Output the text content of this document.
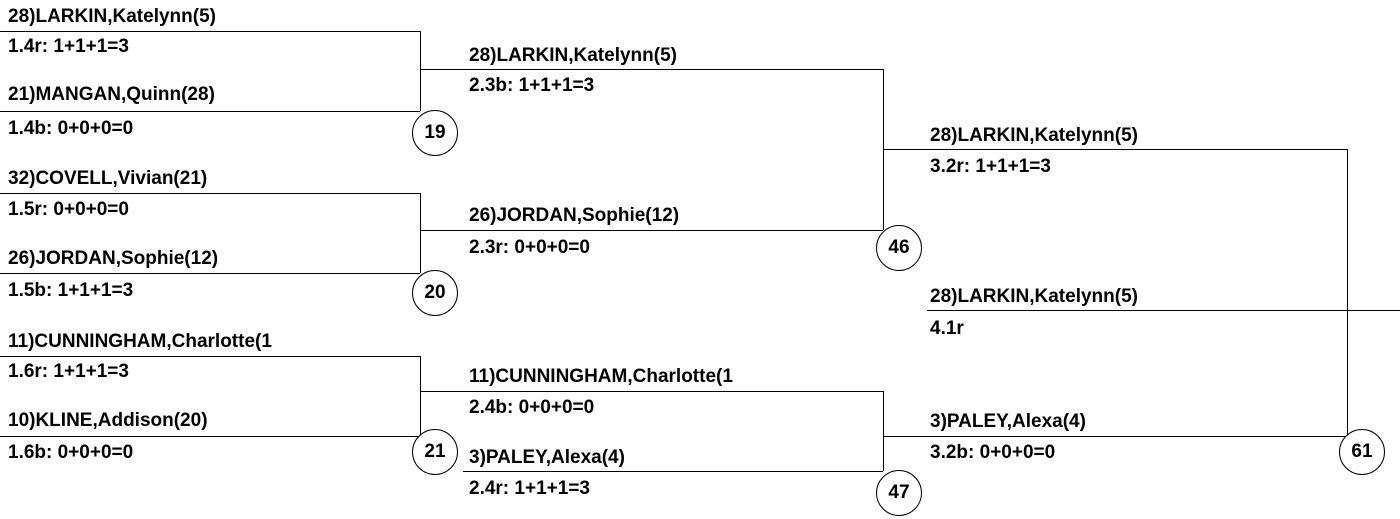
28)LARKIN,Katelynn(5)
1.4r: 1+1+1=3
21)MANGAN,Quinn(28)
1.4b: 0+0+0=0
32)COVELL,Vivian(21)
1.5r: 0+0+0=0
26)JORDAN,Sophie(12)
1.5b: 1+1+1=3
11)CUNNINGHAM,Charlotte(1
1.6r: 1+1+1=3
10)KLINE,Addison(20)
1.6b: 0+0+0=0
28)LARKIN,Katelynn(5)
2.3b: 1+1+1=3
26)JORDAN,Sophie(12)
2.3r: 0+0+0=0
11)CUNNINGHAM,Charlotte(1
2.4b: 0+0+0=0
3)PALEY,Alexa(4)
2.4r: 1+1+1=3
28)LARKIN,Katelynn(5)
3.2r: 1+1+1=3
3)PALEY,Alexa(4)
3.2b: 0+0+0=0
28)LARKIN,Katelynn(5)
4.1r
19
20
21
46
47
61
